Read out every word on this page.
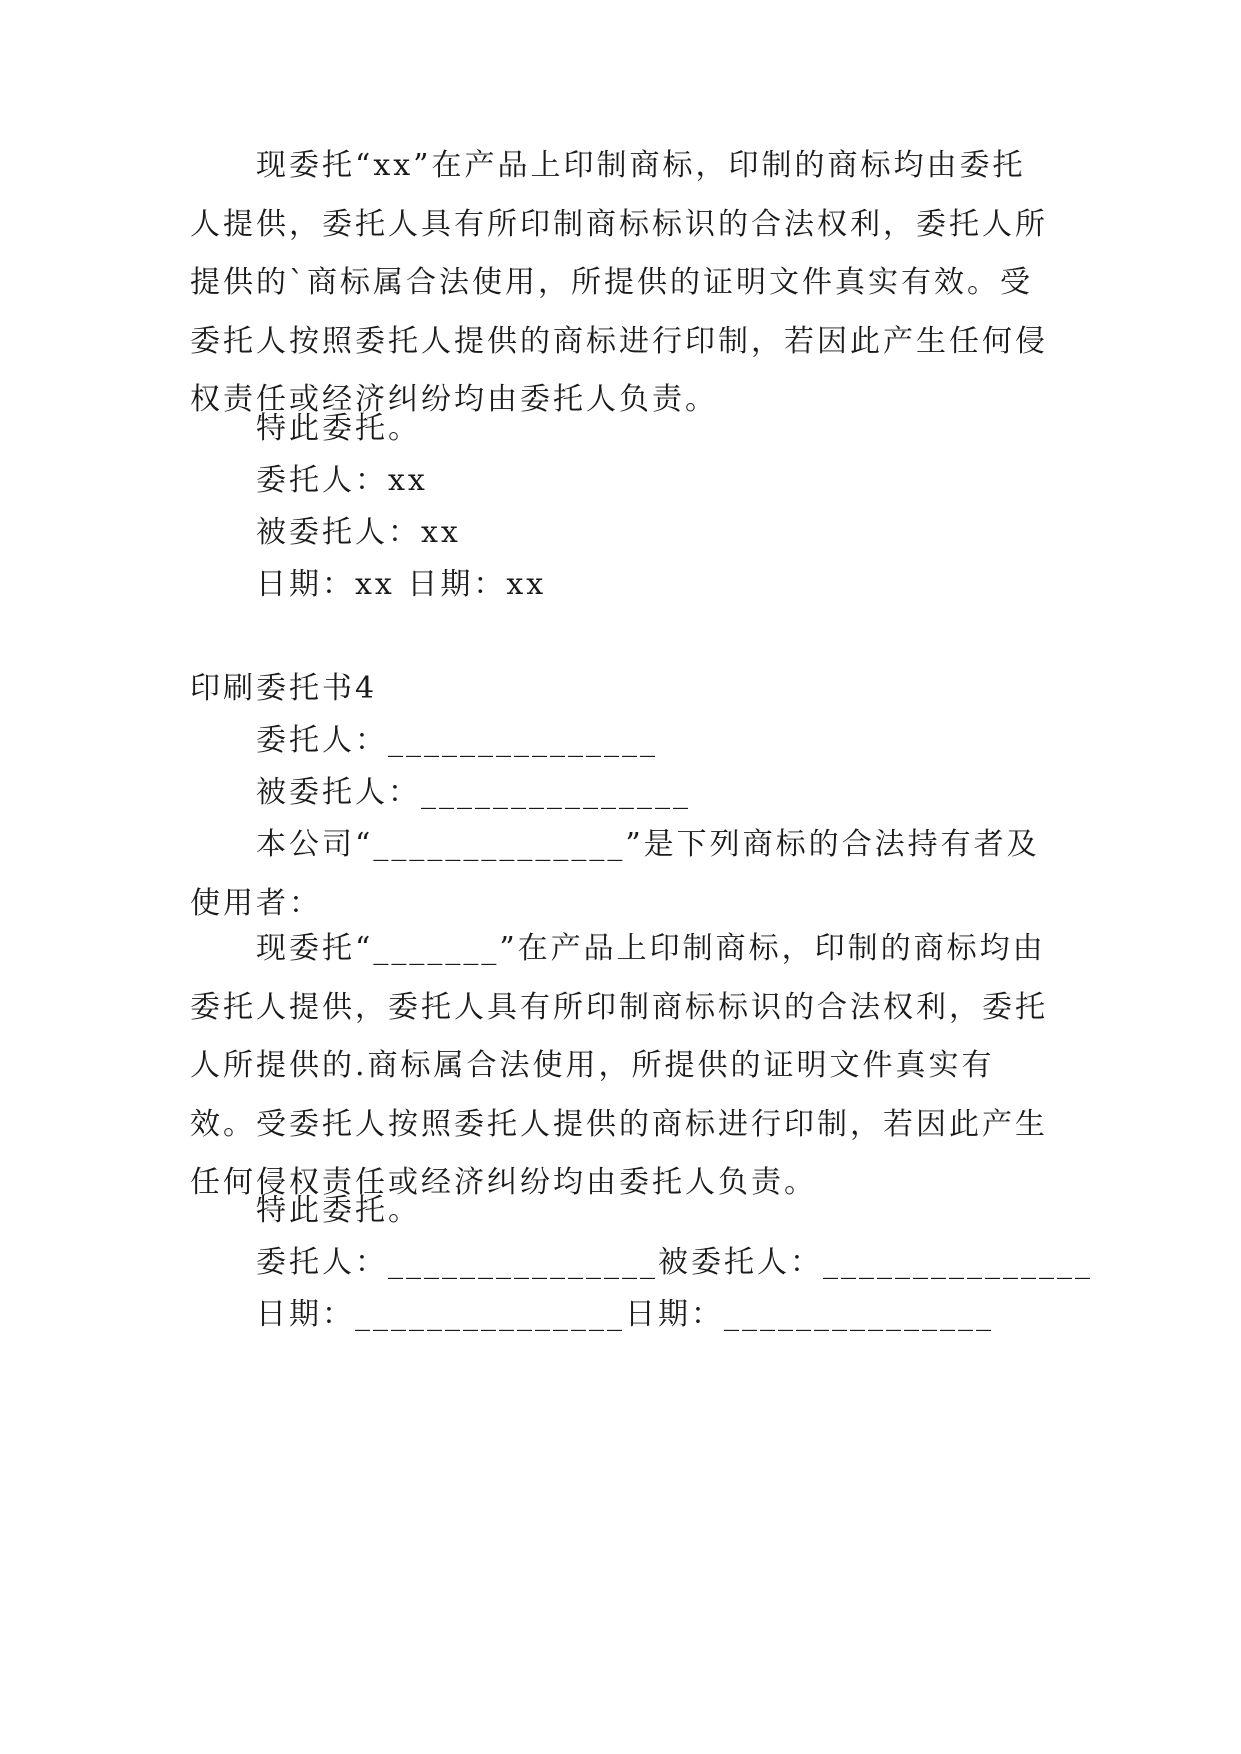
现委托“xx”在产品上印制商标，印制的商标均由委托人提供，委托人具有所印制商标标识的合法权利，委托人所提供的`商标属合法使用，所提供的证明文件真实有效。受委托人按照委托人提供的商标进行印制，若因此产生任何侵权责任或经济纠纷均由委托人负责。

特此委托。

委托人：xx

被委托人：xx

日期：xx 日期：xx

印刷委托书4

委托人：_______________

被委托人：_______________

本公司“______________”是下列商标的合法持有者及使用者：

现委托“_______”在产品上印制商标，印制的商标均由委托人提供，委托人具有所印制商标标识的合法权利，委托人所提供的.商标属合法使用，所提供的证明文件真实有效。受委托人按照委托人提供的商标进行印制，若因此产生任何侵权责任或经济纠纷均由委托人负责。

特此委托。

委托人：_______________被委托人：_______________

日期：_______________日期：_______________
